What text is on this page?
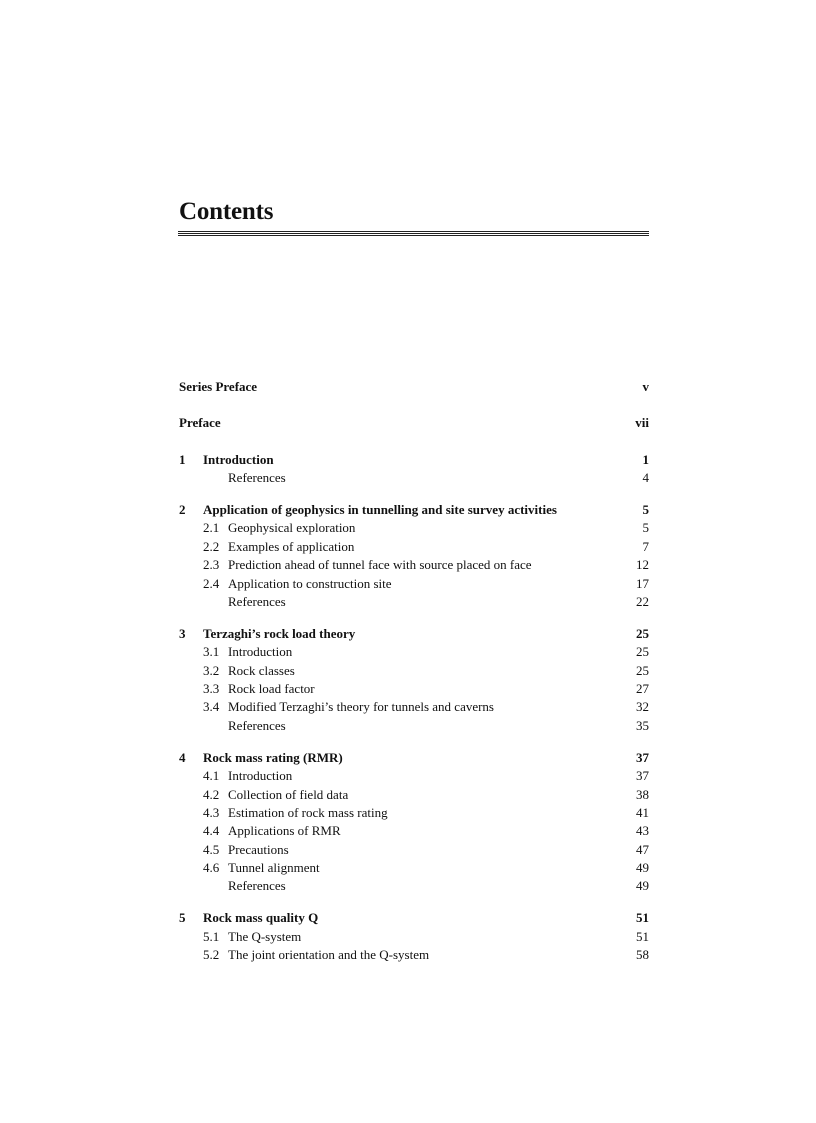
Contents
Series Preface	v
Preface	vii
1 Introduction	1
References	4
2 Application of geophysics in tunnelling and site survey activities	5
2.1 Geophysical exploration	5
2.2 Examples of application	7
2.3 Prediction ahead of tunnel face with source placed on face	12
2.4 Application to construction site	17
References	22
3 Terzaghi’s rock load theory	25
3.1 Introduction	25
3.2 Rock classes	25
3.3 Rock load factor	27
3.4 Modified Terzaghi’s theory for tunnels and caverns	32
References	35
4 Rock mass rating (RMR)	37
4.1 Introduction	37
4.2 Collection of field data	38
4.3 Estimation of rock mass rating	41
4.4 Applications of RMR	43
4.5 Precautions	47
4.6 Tunnel alignment	49
References	49
5 Rock mass quality Q	51
5.1 The Q-system	51
5.2 The joint orientation and the Q-system	58
